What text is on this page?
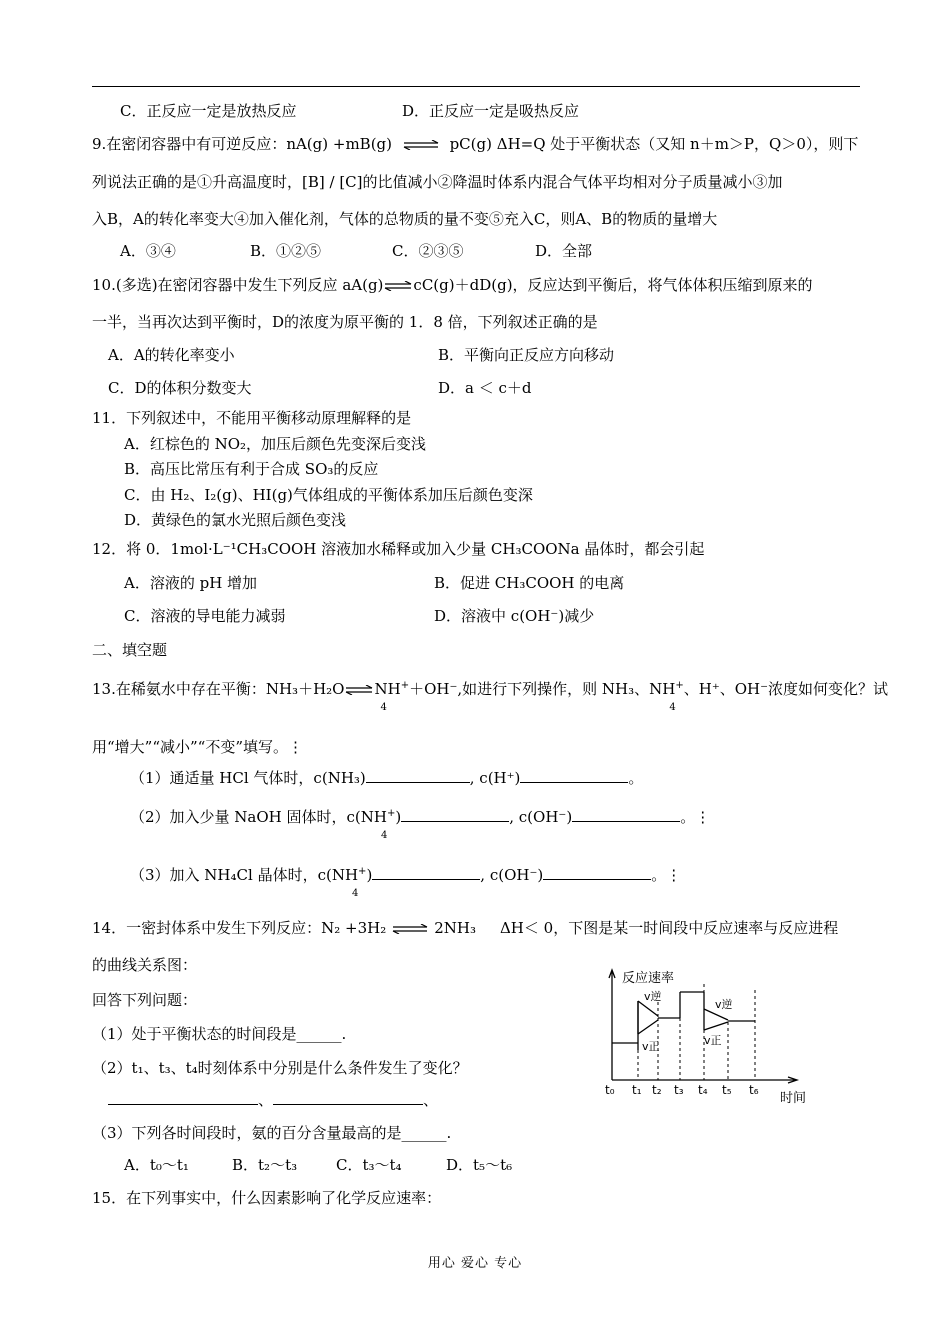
C．正反应一定是放热反应	D．正反应一定是吸热反应
9.在密闭容器中有可逆反应：nA(g) +mB(g) ⇌ pC(g) ΔH=Q 处于平衡状态（又知 n＋m＞P，Q＞0），则下
列说法正确的是①升高温度时，[B] / [C]的比值减小②降温时体系内混合气体平均相对分子质量减小③加
入B，A的转化率变大④加入催化剂，气体的总物质的量不变⑤充入C，则A、B的物质的量增大
A．③④	B．①②⑤	C．②③⑤	D．全部
10.(多选)在密闭容器中发生下列反应 aA(g)⇌cC(g)＋dD(g)，反应达到平衡后，将气体体积压缩到原来的
一半，当再次达到平衡时，D的浓度为原平衡的 1．8 倍，下列叙述正确的是
A．A的转化率变小	B．平衡向正反应方向移动
C．D的体积分数变大	D．a ＜ c＋d
11．下列叙述中，不能用平衡移动原理解释的是
A．红棕色的 NO₂，加压后颜色先变深后变浅
B．高压比常压有利于合成 SO₃的反应
C．由 H₂、I₂(g)、HI(g)气体组成的平衡体系加压后颜色变深
D．黄绿色的氯水光照后颜色变浅
12．将 0．1mol·L⁻¹CH₃COOH 溶液加水稀释或加入少量 CH₃COONa 晶体时，都会引起
A．溶液的 pH 增加	B．促进 CH₃COOH 的电离
C．溶液的导电能力减弱	D．溶液中 c(OH⁻)减少
二、填空题
13.在稀氨水中存在平衡：NH₃＋H₂O⇌NH+
4
＋OH⁻,如进行下列操作，则 NH₃、NH+
4
、H⁺、OH⁻浓度如何变化？试
用“增大”“减小”“不变”填写。⋮
（1）通适量 HCl 气体时，c(NH₃)	, c(H⁺)	。
（2）加入少量 NaOH 固体时，c(NH+
4
)	, c(OH⁻)	。⋮
（3）加入 NH₄Cl 晶体时，c(NH+
4
)	, c(OH⁻)	。⋮
14．一密封体系中发生下列反应：N₂ +3H₂ ⇌ 2NH₃ ΔH＜ 0，下图是某一时间段中反应速率与反应进程
的曲线关系图：
回答下列问题：
（1）处于平衡状态的时间段是______.
（2）t₁、t₃、t₄时刻体系中分别是什么条件发生了变化？
、	、
（3）下列各时间段时，氨的百分含量最高的是______.
A．t₀～t₁	B．t₂～t₃	C．t₃～t₄	D．t₅～t₆
15．在下列事实中，什么因素影响了化学反应速率：
反应速率
时间
v逆
v正
v逆
v正
t₀ t₁ t₂ t₃ t₄ t₅ t₆
用心 爱心 专心
